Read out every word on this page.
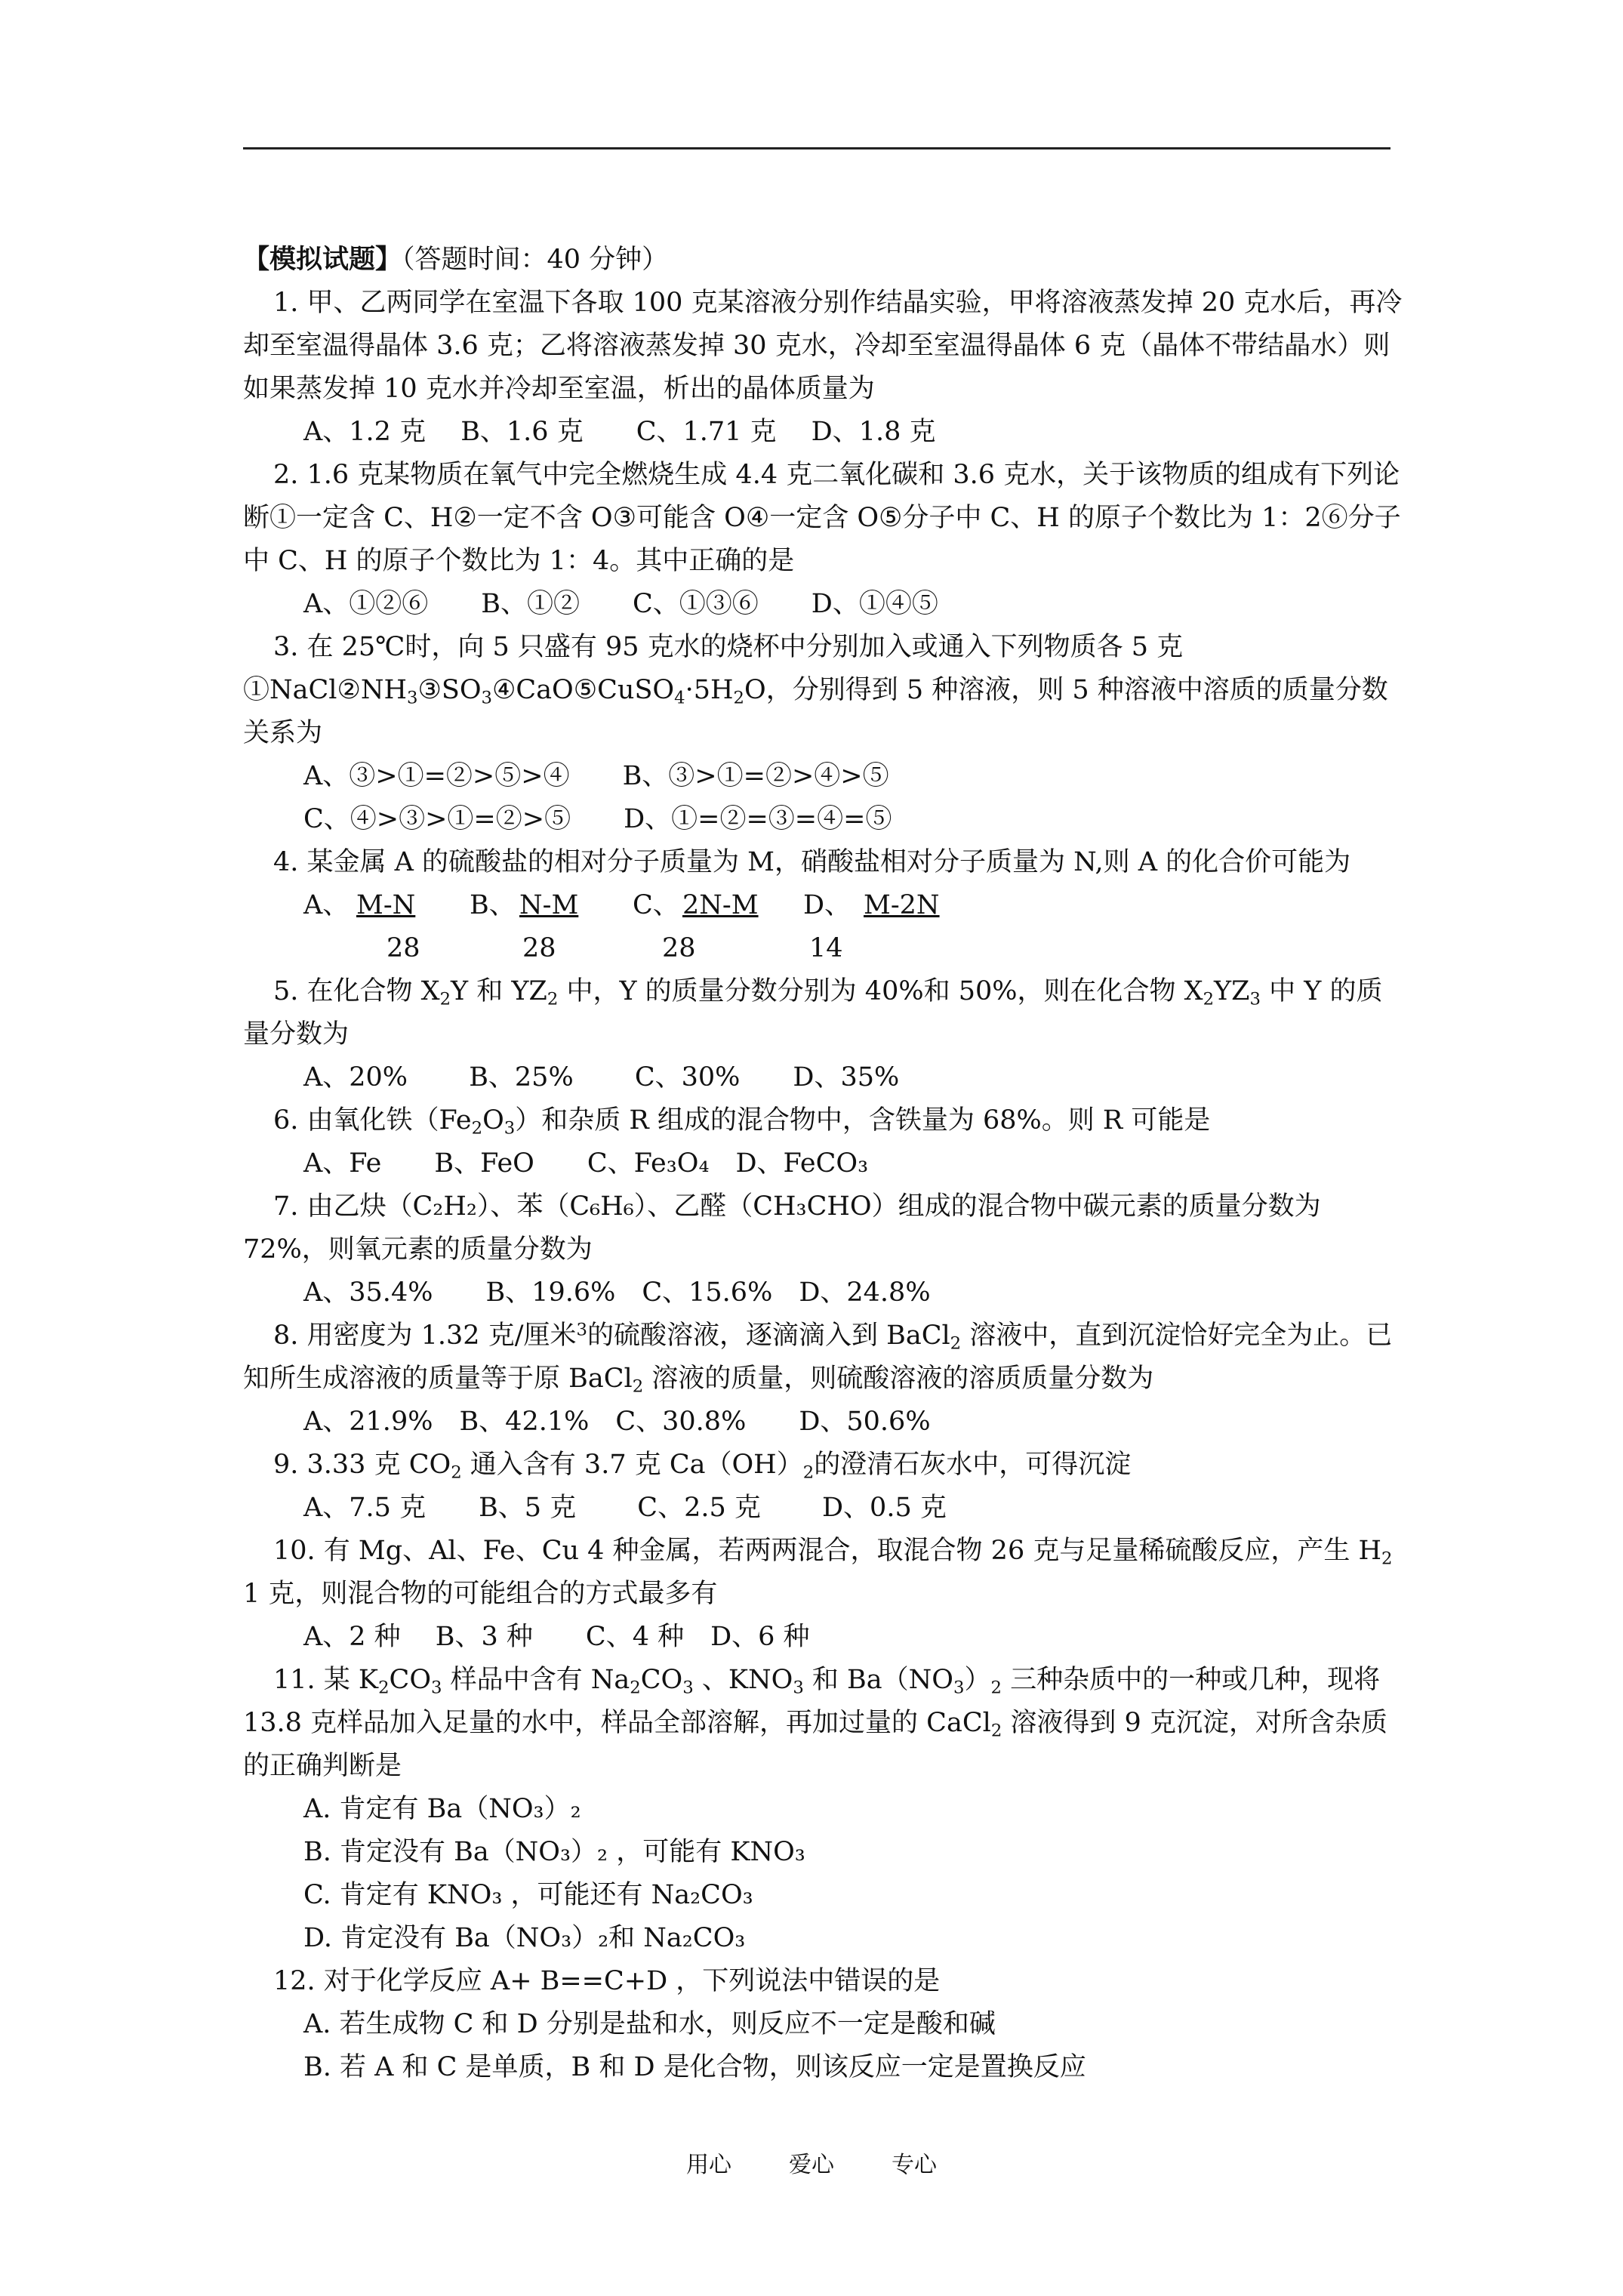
【模拟试题】（答题时间：40 分钟）
1. 甲、乙两同学在室温下各取 100 克某溶液分别作结晶实验，甲将溶液蒸发掉 20 克水后，再冷却至室温得晶体 3.6 克；乙将溶液蒸发掉 30 克水，冷却至室温得晶体 6 克（晶体不带结晶水）则如果蒸发掉 10 克水并冷却至室温，析出的晶体质量为
A、1.2 克　 B、1.6 克　　C、1.71 克　 D、1.8 克
2. 1.6 克某物质在氧气中完全燃烧生成 4.4 克二氧化碳和 3.6 克水，关于该物质的组成有下列论断①一定含 C、H②一定不含 O③可能含 O④一定含 O⑤分子中 C、H 的原子个数比为 1：2⑥分子中 C、H 的原子个数比为 1：4。其中正确的是
A、①②⑥　　B、①②　　C、①③⑥　　D、①④⑤
3. 在 25℃时，向 5 只盛有 95 克水的烧杯中分别加入或通入下列物质各 5 克$①NaCl②NH_3③SO_3④CaO⑤CuSO_4\cdot 5H_2O$，分别得到 5 种溶液，则 5 种溶液中溶质的质量分数关系为
A、③>①=②>⑤>④　　B、③>①=②>④>⑤
C、④>③>①=②>⑤　　D、①=②=③=④=⑤
4. 某金属 A 的硫酸盐的相对分子质量为 M，硝酸盐相对分子质量为 N,则 A 的化合价可能为
A、 M-N B、 N-M C、 2N-M D、 M-2N
28	28	28	14
5. 在化合物 $X_2Y$ 和 $YZ_2$ 中，Y 的质量分数分别为 40%和 50%，则在化合物 $X_2YZ_3$ 中 Y 的质量分数为
A、20%　　 B、25%　　 C、30%　　D、35%
6. 由氧化铁$(Fe_2O_3)$和杂质 R 组成的混合物中，含铁量为 68%。则 R 可能是
A、Fe　　B、FeO　　C、Fe₃O₄　D、FeCO₃
7. 由乙炔（C₂H₂）、苯（C₆H₆）、乙醛（CH₃CHO）组成的混合物中碳元素的质量分数为 72%，则氧元素的质量分数为
A、35.4%　　B、19.6%　C、15.6%　D、24.8%
8. 用密度为 1.32 克/厘米$^3$的硫酸溶液，逐滴滴入到 BaCl$_2$ 溶液中，直到沉淀恰好完全为止。已知所生成溶液的质量等于原 BaCl$_2$ 溶液的质量，则硫酸溶液的溶质质量分数为
A、21.9%　B、42.1%　C、30.8%　　D、50.6%
9. 3.33 克 $CO_2$ 通入含有 3.7 克 $Ca(OH)_2$的澄清石灰水中，可得沉淀
A、7.5 克　　B、5 克　　 C、2.5 克　　 D、0.5 克
10. 有 Mg、Al、Fe、Cu 4 种金属，若两两混合，取混合物 26 克与足量稀硫酸反应，产生 $H_2$ 1 克，则混合物的可能组合的方式最多有
A、2 种　 B、3 种　　C、4 种　D、6 种
11. 某 $K_2CO_3$ 样品中含有 $Na_2CO_3$ 、$KNO_3$ 和 $Ba(NO_3)_2$ 三种杂质中的一种或几种，现将 13.8 克样品加入足量的水中，样品全部溶解，再加过量的 CaCl$_2$ 溶液得到 9 克沉淀，对所含杂质的正确判断是
A. 肯定有 Ba（NO₃）₂
B. 肯定没有 Ba（NO₃）₂ ，可能有 KNO₃
C. 肯定有 KNO₃ ，可能还有 Na₂CO₃
D. 肯定没有 Ba（NO₃）₂和 Na₂CO₃
12. 对于化学反应 A+ B==C+D ，下列说法中错误的是
A. 若生成物 C 和 D 分别是盐和水，则反应不一定是酸和碱
B. 若 A 和 C 是单质，B 和 D 是化合物，则该反应一定是置换反应
用心	爱心	专心
